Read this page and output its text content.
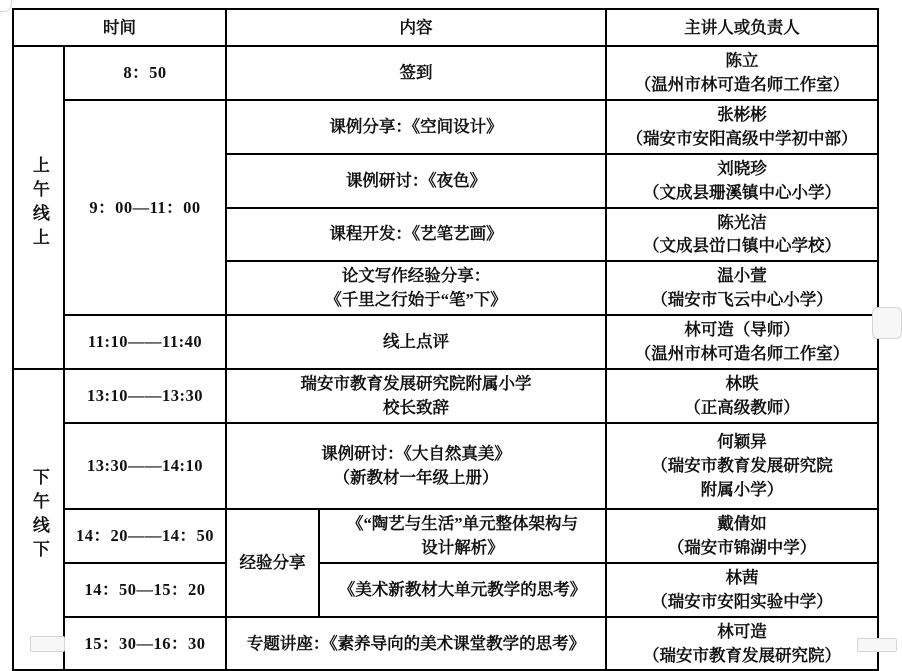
时间		内容		主讲人或负责人
上午线上	8：50	签到		陈立
（温州市林可造名师工作室）

	9：00—11：00	课例分享：《空间设计》		张彬彬
（瑞安市安阳高级中学初中部）

		课例研讨：《夜色》		刘晓珍
（文成县珊溪镇中心小学）

		课程开发：《艺笔艺画》		陈光洁
（文成县峃口镇中心学校）

		论文写作经验分享：
《千里之行始于“笔”下》		温小萱
（瑞安市飞云中心小学）

	11:10——11:40	线上点评		林可造（导师）
（温州市林可造名师工作室）

下午线下	13:10——13:30	瑞安市教育发展研究院附属小学
校长致辞		林昳
（正高级教师）

	13:30——14:10	课例研讨：《大自然真美》
（新教材一年级上册）		何颖异
（瑞安市教育发展研究院
附属小学）

	14：20——14：50	经验分享	《“陶艺与生活”单元整体架构与
设计解析》	戴倩如
（瑞安市锦湖中学）

	14：50—15：20		《美术新教材大单元教学的思考》	林茜
（瑞安市安阳实验中学）

	15：30—16：30	专题讲座：《素养导向的美术课堂教学的思考》		林可造
（瑞安市教育发展研究院）
